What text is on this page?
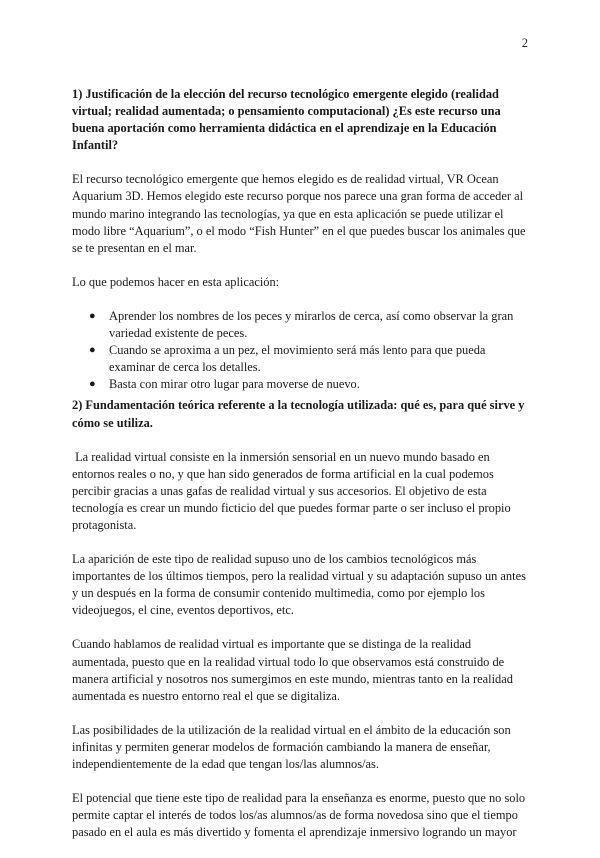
2

1) Justificación de la elección del recurso tecnológico emergente elegido (realidad virtual; realidad aumentada; o pensamiento computacional) ¿Es este recurso una buena aportación como herramienta didáctica en el aprendizaje en la Educación Infantil?

El recurso tecnológico emergente que hemos elegido es de realidad virtual, VR Ocean Aquarium 3D. Hemos elegido este recurso porque nos parece una gran forma de acceder al mundo marino integrando las tecnologías, ya que en esta aplicación se puede utilizar el modo libre “Aquarium”, o el modo “Fish Hunter” en el que puedes buscar los animales que se te presentan en el mar.

Lo que podemos hacer en esta aplicación:

● Aprender los nombres de los peces y mirarlos de cerca, así como observar la gran variedad existente de peces.
● Cuando se aproxima a un pez, el movimiento será más lento para que pueda examinar de cerca los detalles.
● Basta con mirar otro lugar para moverse de nuevo.

2) Fundamentación teórica referente a la tecnología utilizada: qué es, para qué sirve y cómo se utiliza.

La realidad virtual consiste en la inmersión sensorial en un nuevo mundo basado en entornos reales o no, y que han sido generados de forma artificial en la cual podemos percibir gracias a unas gafas de realidad virtual y sus accesorios. El objetivo de esta tecnología es crear un mundo ficticio del que puedes formar parte o ser incluso el propio protagonista.

La aparición de este tipo de realidad supuso uno de los cambios tecnológicos más importantes de los últimos tiempos, pero la realidad virtual y su adaptación supuso un antes y un después en la forma de consumir contenido multimedia, como por ejemplo los videojuegos, el cine, eventos deportivos, etc.

Cuando hablamos de realidad virtual es importante que se distinga de la realidad aumentada, puesto que en la realidad virtual todo lo que observamos está construido de manera artificial y nosotros nos sumergimos en este mundo, mientras tanto en la realidad aumentada es nuestro entorno real el que se digitaliza.

Las posibilidades de la utilización de la realidad virtual en el ámbito de la educación son infinitas y permiten generar modelos de formación cambiando la manera de enseñar, independientemente de la edad que tengan los/las alumnos/as.

El potencial que tiene este tipo de realidad para la enseñanza es enorme, puesto que no solo permite captar el interés de todos los/as alumnos/as de forma novedosa sino que el tiempo pasado en el aula es más divertido y fomenta el aprendizaje inmersivo logrando un mayor
